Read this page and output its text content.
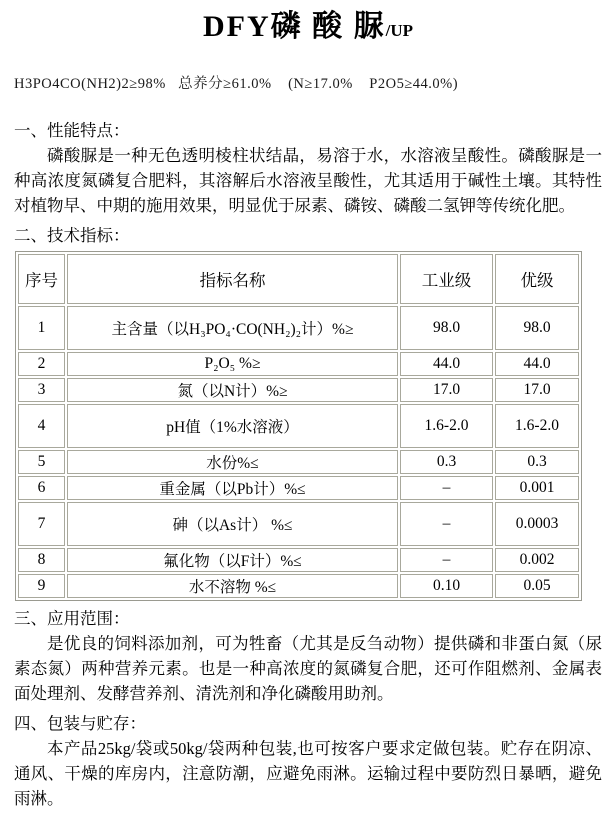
DFY磷 酸 脲/UP
H3PO4CO(NH2)2≥98%   总养分≥61.0%    (N≥17.0%    P2O5≥44.0%)
一、性能特点：

磷酸脲是一种无色透明棱柱状结晶，易溶于水，水溶液呈酸性。磷酸脲是一种高浓度氮磷复合肥料，其溶解后水溶液呈酸性，尤其适用于碱性土壤。其特性对植物早、中期的施用效果，明显优于尿素、磷铵、磷酸二氢钾等传统化肥。

二、技术指标：
序号	指标名称	工业级	优级
1	主含量（以H₃PO₄·CO(NH₂)₂计）%≥	98.0	98.0
2	P₂O₅ %≥	44.0	44.0
3	氮（以N计）%≥	17.0	17.0
4	pH值（1%水溶液）	1.6-2.0	1.6-2.0
5	水份%≤	0.3	0.3
6	重金属（以Pb计）%≤	–	0.001
7	砷（以As计） %≤	–	0.0003
8	氟化物（以F计）%≤	–	0.002
9	水不溶物 %≤	0.10	0.05
三、应用范围：

是优良的饲料添加剂，可为牲畜（尤其是反刍动物）提供磷和非蛋白氮（尿素态氮）两种营养元素。也是一种高浓度的氮磷复合肥，还可作阻燃剂、金属表面处理剂、发酵营养剂、清洗剂和净化磷酸用助剂。

四、包装与贮存：

本产品25kg/袋或50kg/袋两种包装,也可按客户要求定做包装。贮存在阴凉、通风、干燥的库房内，注意防潮，应避免雨淋。运输过程中要防烈日暴晒，避免雨淋。
